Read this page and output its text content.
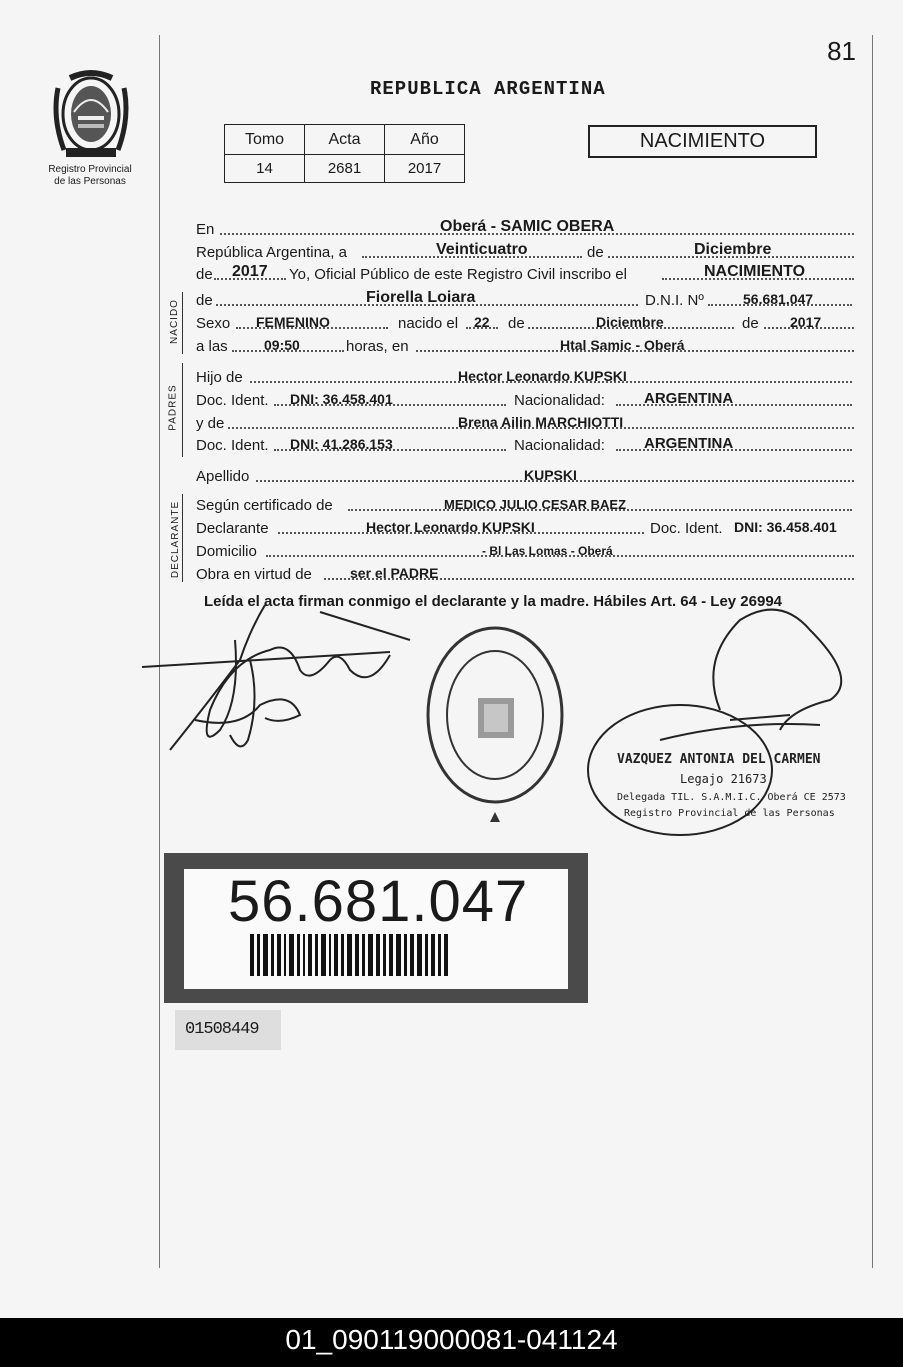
81
Registro Provincial
de las Personas
REPUBLICA ARGENTINA
Tomo	Acta	Año
14	2681	2017
NACIMIENTO
En	Oberá - SAMIC OBERA
República Argentina, a	Veinticuatro	de	Diciembre
de 2017 Yo, Oficial Público de este Registro Civil inscribo el	NACIMIENTO
NACIDO de	Fiorella Loiara	D.N.I. Nº	56.681.047
Sexo FEMENINO	nacido el 22 de	Diciembre	de 2017
a las	09:50	horas, en	Htal Samic - Oberá
PADRES
Hijo de	Hector Leonardo KUPSKI
Doc. Ident. DNI: 36.458.401	Nacionalidad:	ARGENTINA
y de	Brena Ailin MARCHIOTTI
Doc. Ident. DNI: 41.286.153	Nacionalidad:	ARGENTINA
Apellido	KUPSKI
DECLARANTE Según certificado de	MEDICO JULIO CESAR BAEZ
Declarante	Hector Leonardo KUPSKI	Doc. Ident. DNI: 36.458.401
Domicilio	- Bl Las Lomas - Oberá
Obra en virtud de	ser el PADRE
Leída el acta firman conmigo el declarante y la madre. Hábiles Art. 64 - Ley 26994
VAZQUEZ ANTONIA DEL CARMEN
Legajo 21673
Delegada TIL. S.A.M.I.C. Oberá CE 2573
Registro Provincial de las Personas
56.681.047
01508449
01_090119000081-041124
